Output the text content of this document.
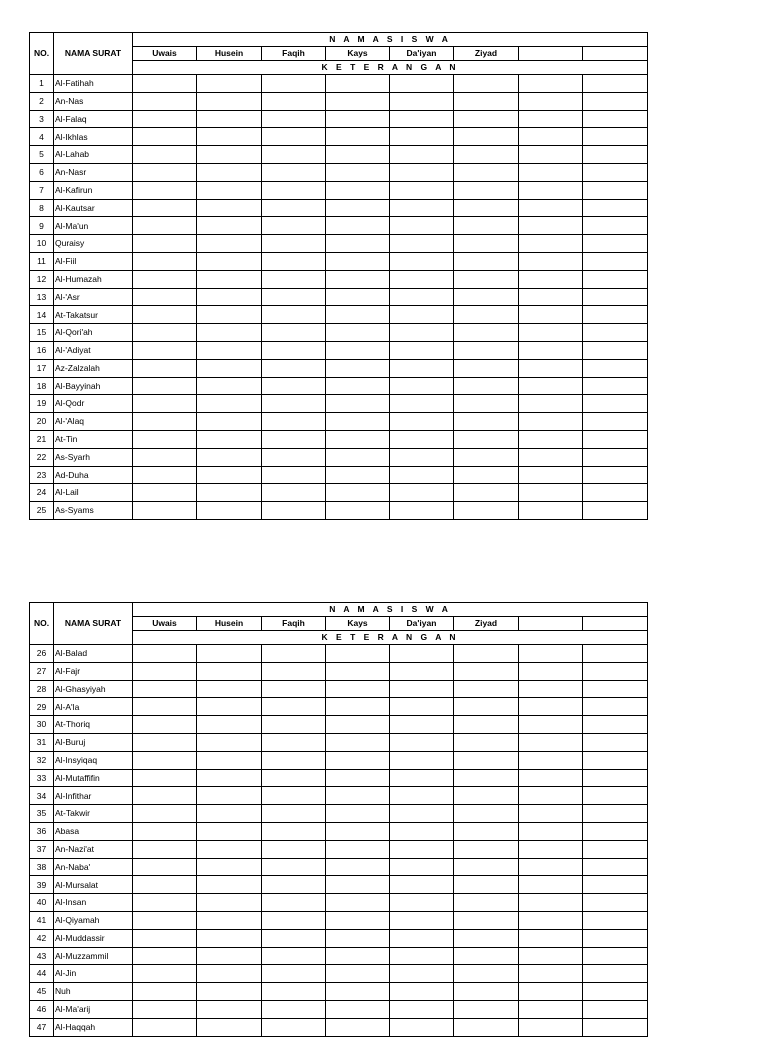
NO.	NAMA SURAT	N A M A S I S W A							
		Uwais	Husein	Faqih	Kays	Da'iyan	Ziyad		
		K E T E R A N G A N							
1	Al-Fatihah								
2	An-Nas								
3	Al-Falaq								
4	Al-Ikhlas								
5	Al-Lahab								
6	An-Nasr								
7	Al-Kafirun								
8	Al-Kautsar								
9	Al-Ma'un								
10	Quraisy								
11	Al-Fiil								
12	Al-Humazah								
13	Al-'Asr								
14	At-Takatsur								
15	Al-Qori'ah								
16	Al-'Adiyat								
17	Az-Zalzalah								
18	Al-Bayyinah								
19	Al-Qodr								
20	Al-'Alaq								
21	At-Tin								
22	As-Syarh								
23	Ad-Duha								
24	Al-Lail								
25	As-Syams								
NO.	NAMA SURAT	N A M A S I S W A							
		Uwais	Husein	Faqih	Kays	Da'iyan	Ziyad		
		K E T E R A N G A N							
26	Al-Balad								
27	Al-Fajr								
28	Al-Ghasyiyah								
29	Al-A'la								
30	At-Thoriq								
31	Al-Buruj								
32	Al-Insyiqaq								
33	Al-Mutaffifin								
34	Al-Infithar								
35	At-Takwir								
36	Abasa								
37	An-Nazi'at								
38	An-Naba'								
39	Al-Mursalat								
40	Al-Insan								
41	Al-Qiyamah								
42	Al-Muddassir								
43	Al-Muzzammil								
44	Al-Jin								
45	Nuh								
46	Al-Ma'arij								
47	Al-Haqqah								
